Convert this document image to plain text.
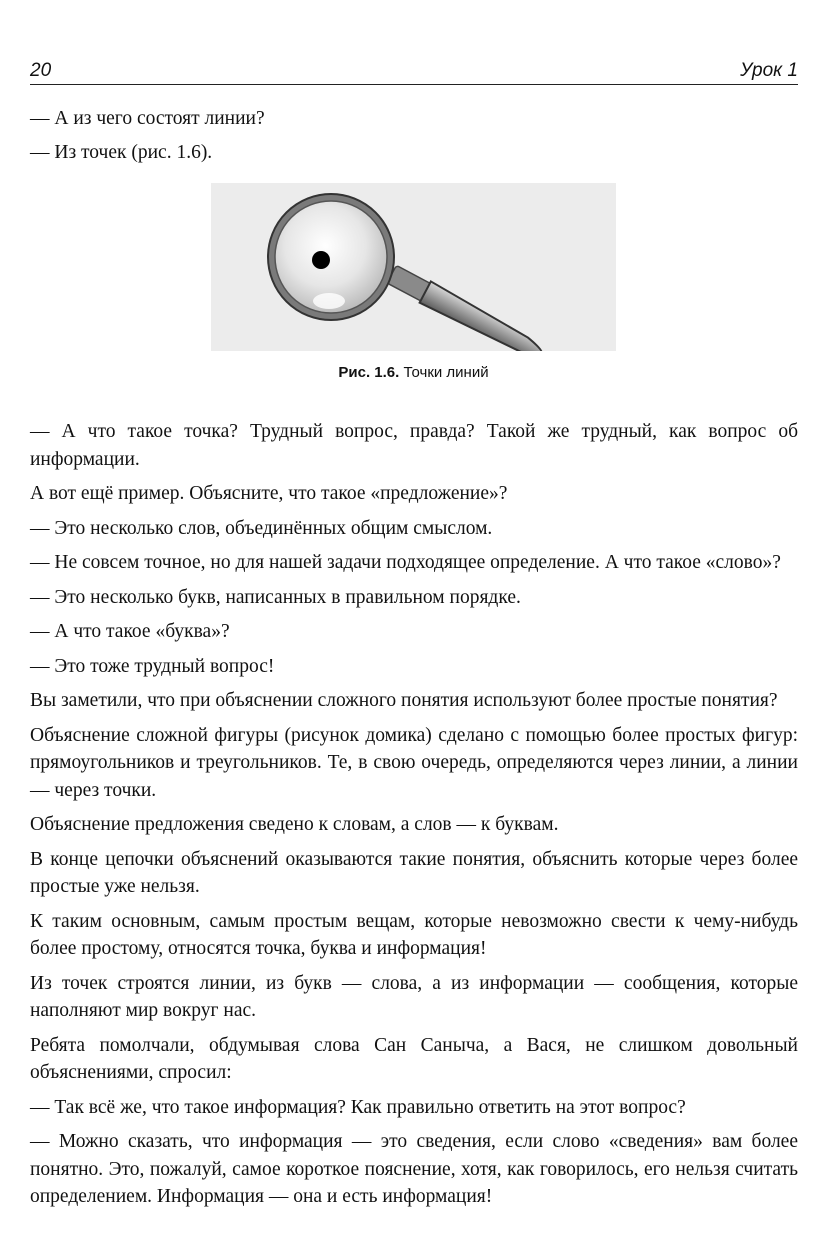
20	Урок 1
— А из чего состоят линии?
— Из точек (рис. 1.6).
Рис. 1.6. Точки линий

— А что такое точка? Трудный вопрос, правда? Такой же трудный, как вопрос об информации.

А вот ещё пример. Объясните, что такое «предложение»?

— Это несколько слов, объединённых общим смыслом.

— Не совсем точное, но для нашей задачи подходящее определение. А что такое «слово»?

— Это несколько букв, написанных в правильном порядке.

— А что такое «буква»?

— Это тоже трудный вопрос!

Вы заметили, что при объяснении сложного понятия используют более простые понятия?

Объяснение сложной фигуры (рисунок домика) сделано с помощью более простых фигур: прямоугольников и треугольников. Те, в свою очередь, определяются через линии, а линии — через точки.

Объяснение предложения сведено к словам, а слов — к буквам.

В конце цепочки объяснений оказываются такие понятия, объяснить которые через более простые уже нельзя.

К таким основным, самым простым вещам, которые невозможно свести к чему-нибудь более простому, относятся точка, буква и информация!

Из точек строятся линии, из букв — слова, а из информации — сообщения, которые наполняют мир вокруг нас.

Ребята помолчали, обдумывая слова Сан Саныча, а Вася, не слишком довольный объяснениями, спросил:

— Так всё же, что такое информация? Как правильно ответить на этот вопрос?

— Можно сказать, что информация — это сведения, если слово «сведения» вам более понятно. Это, пожалуй, самое короткое пояснение, хотя, как говорилось, его нельзя считать определением. Информация — она и есть информация!
